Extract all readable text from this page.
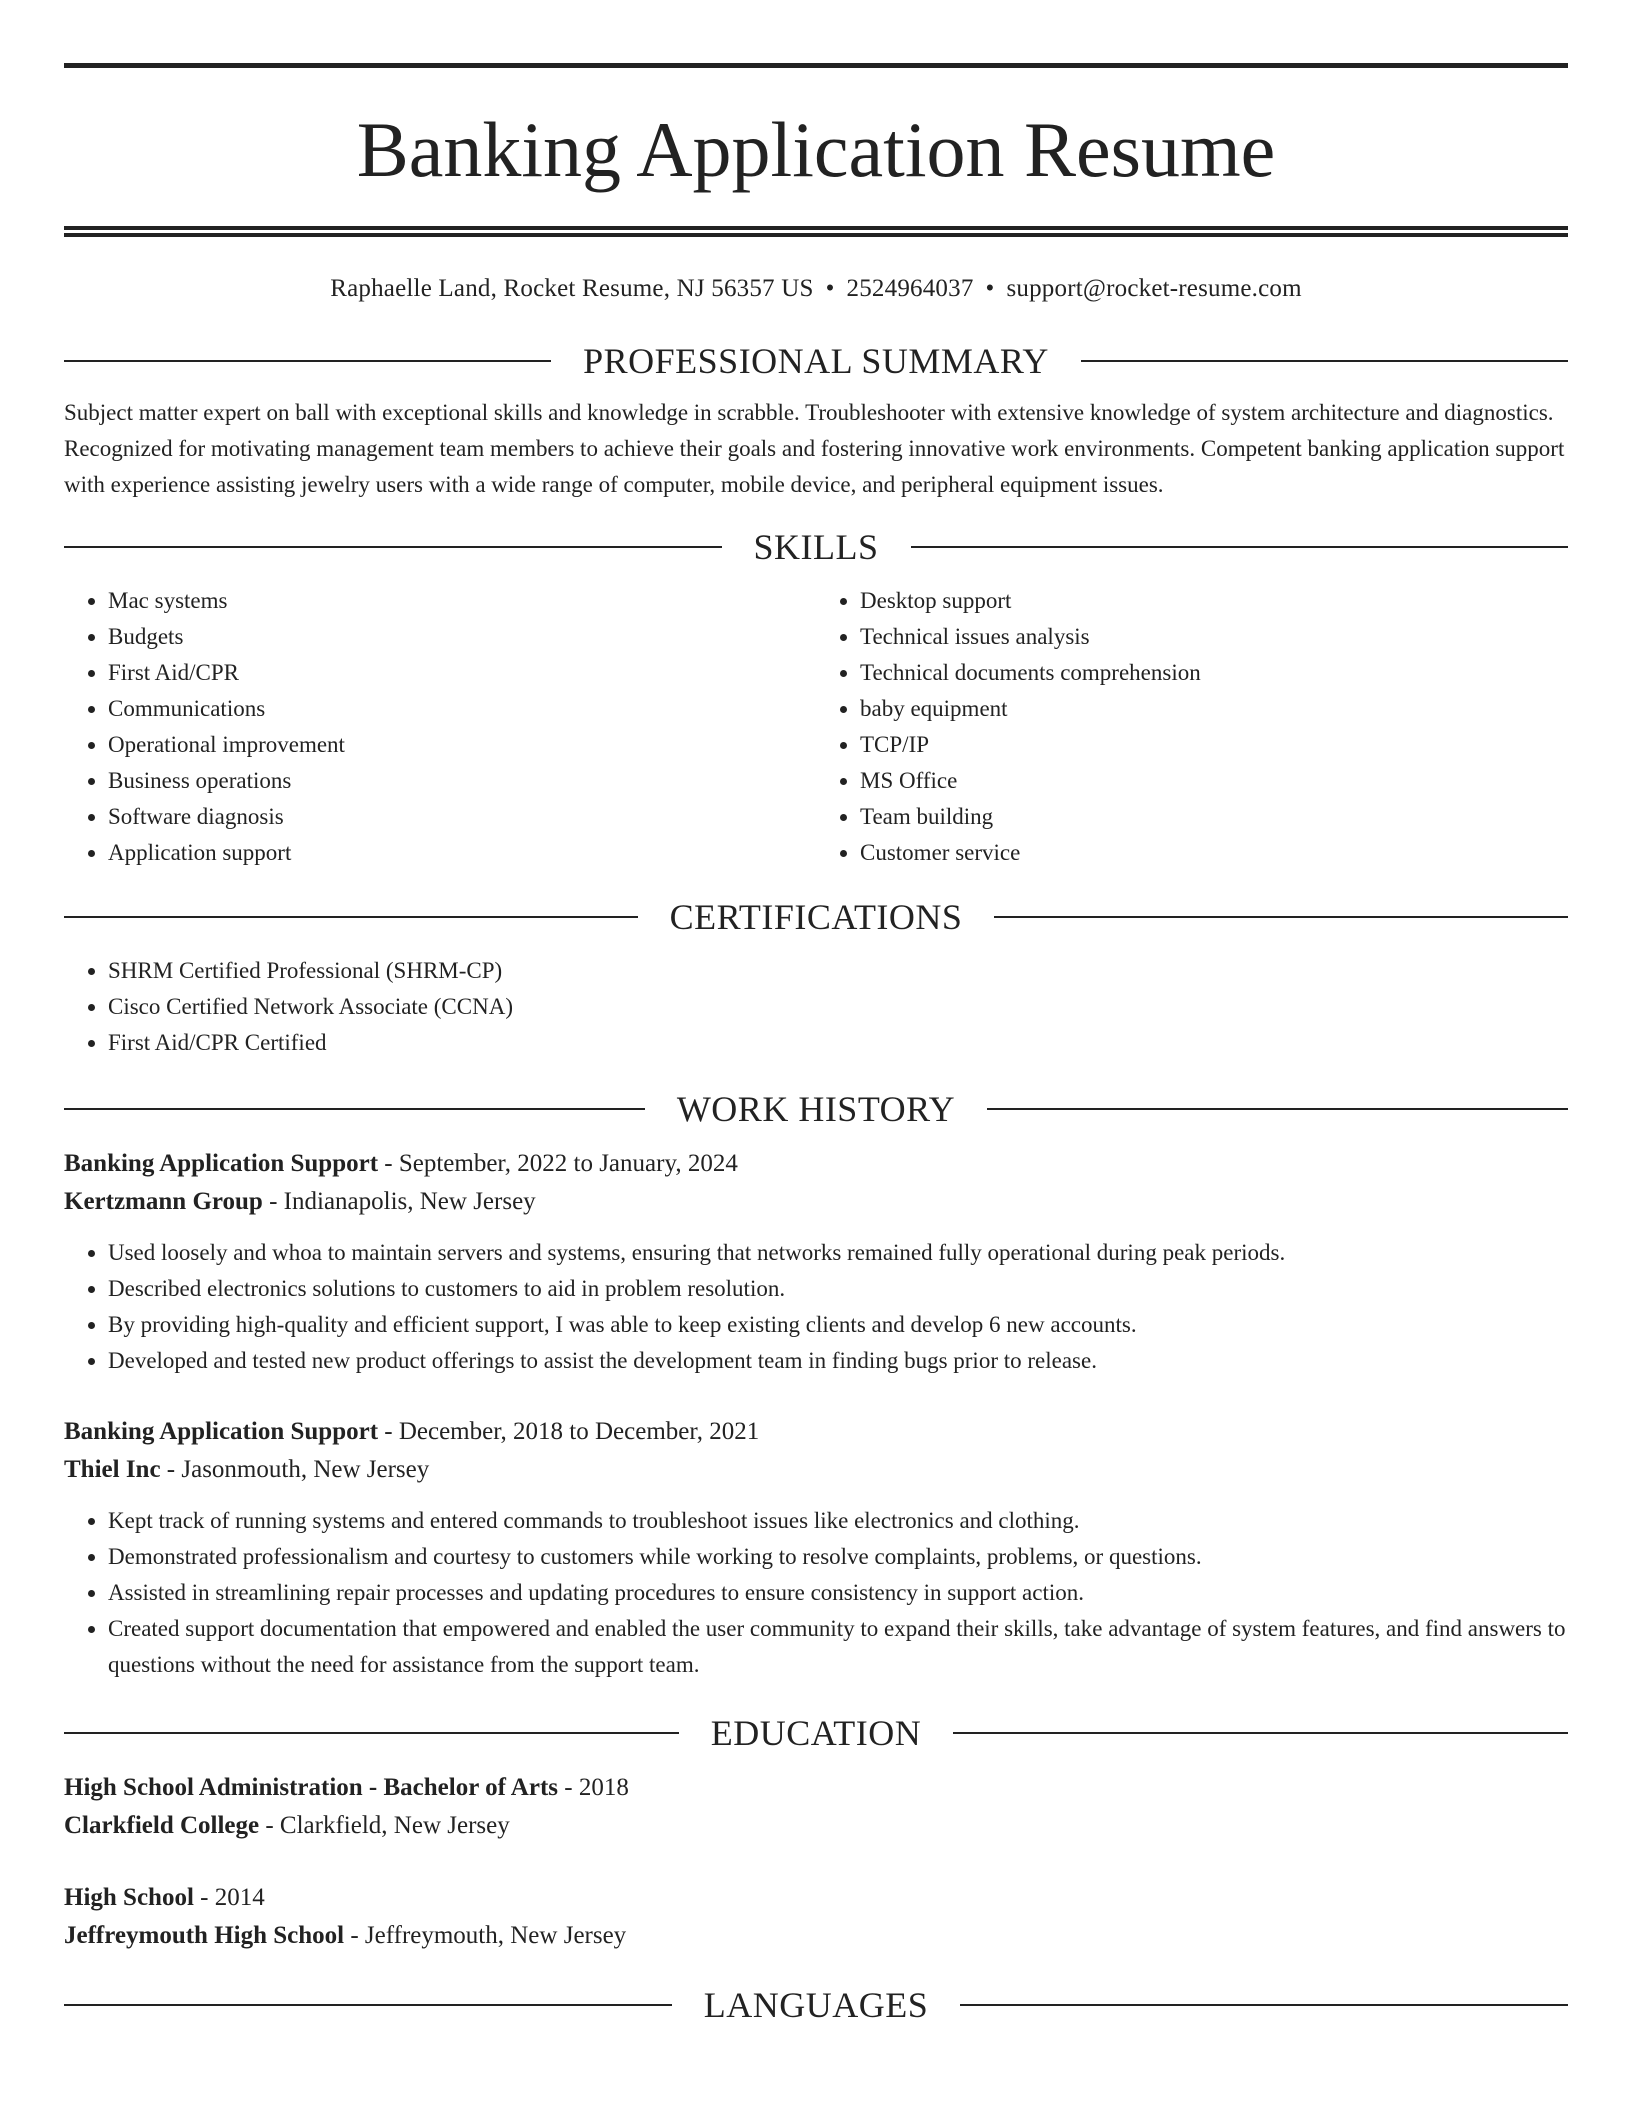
Banking Application Resume
Raphaelle Land, Rocket Resume, NJ 56357 US • 2524964037 • support@rocket-resume.com
PROFESSIONAL SUMMARY
Subject matter expert on ball with exceptional skills and knowledge in scrabble. Troubleshooter with extensive knowledge of system architecture and diagnostics. Recognized for motivating management team members to achieve their goals and fostering innovative work environments. Competent banking application support with experience assisting jewelry users with a wide range of computer, mobile device, and peripheral equipment issues.
SKILLS
• Mac systems
• Budgets
• First Aid/CPR
• Communications
• Operational improvement
• Business operations
• Software diagnosis
• Application support
• Desktop support
• Technical issues analysis
• Technical documents comprehension
• baby equipment
• TCP/IP
• MS Office
• Team building
• Customer service
CERTIFICATIONS
• SHRM Certified Professional (SHRM-CP)
• Cisco Certified Network Associate (CCNA)
• First Aid/CPR Certified
WORK HISTORY
Banking Application Support - September, 2022 to January, 2024
Kertzmann Group - Indianapolis, New Jersey
• Used loosely and whoa to maintain servers and systems, ensuring that networks remained fully operational during peak periods.
• Described electronics solutions to customers to aid in problem resolution.
• By providing high-quality and efficient support, I was able to keep existing clients and develop 6 new accounts.
• Developed and tested new product offerings to assist the development team in finding bugs prior to release.
Banking Application Support - December, 2018 to December, 2021
Thiel Inc - Jasonmouth, New Jersey
• Kept track of running systems and entered commands to troubleshoot issues like electronics and clothing.
• Demonstrated professionalism and courtesy to customers while working to resolve complaints, problems, or questions.
• Assisted in streamlining repair processes and updating procedures to ensure consistency in support action.
• Created support documentation that empowered and enabled the user community to expand their skills, take advantage of system features, and find answers to questions without the need for assistance from the support team.
EDUCATION
High School Administration - Bachelor of Arts - 2018
Clarkfield College - Clarkfield, New Jersey
High School - 2014
Jeffreymouth High School - Jeffreymouth, New Jersey
LANGUAGES
